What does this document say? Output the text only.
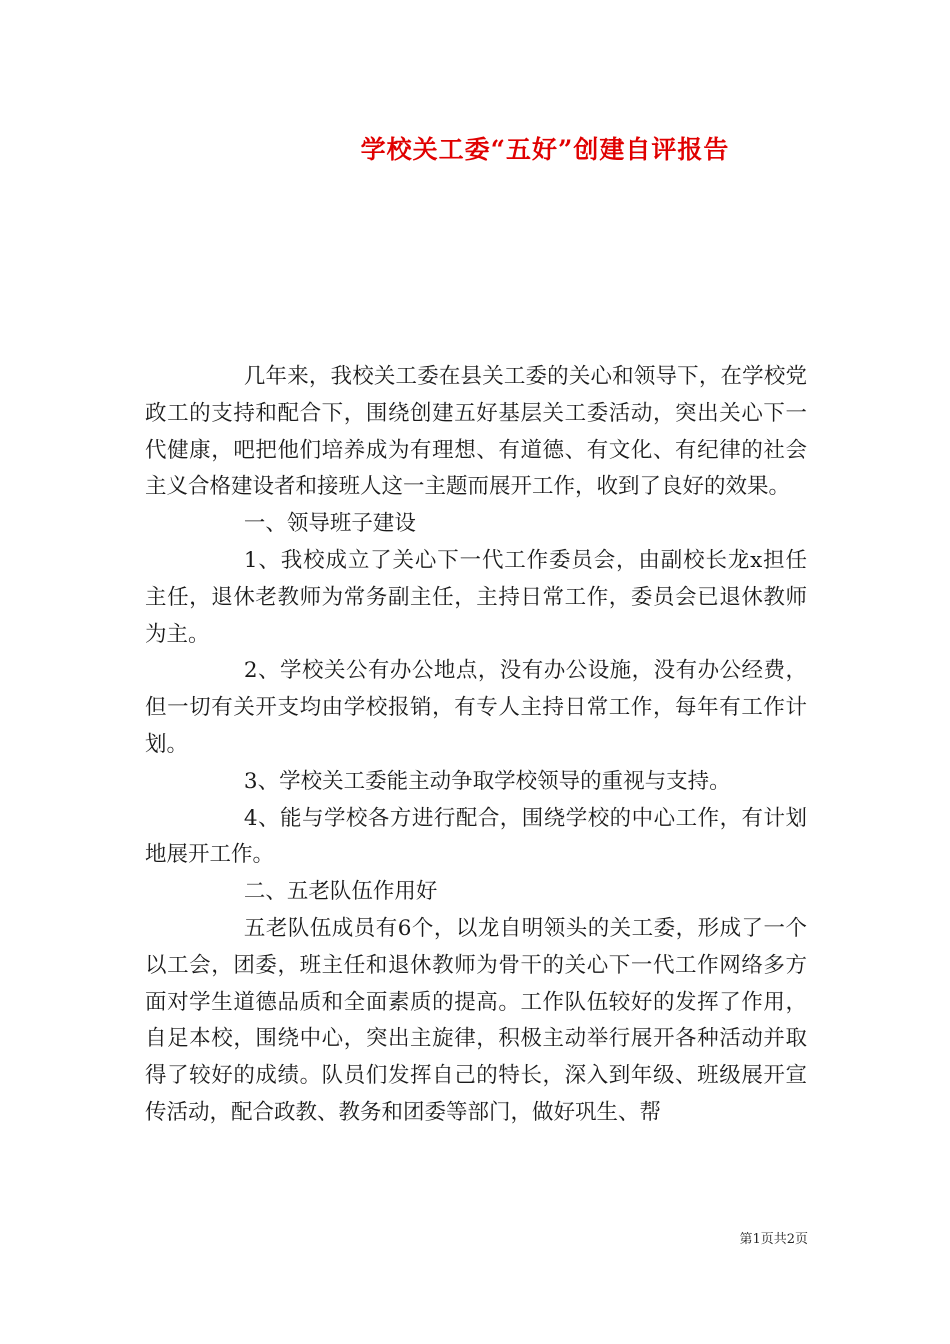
学校关工委“五好”创建自评报告

几年来，我校关工委在县关工委的关心和领导下，在学校党政工的支持和配合下，围绕创建五好基层关工委活动，突出关心下一代健康，吧把他们培养成为有理想、有道德、有文化、有纪律的社会主义合格建设者和接班人这一主题而展开工作，收到了良好的效果。

一、领导班子建设

1、我校成立了关心下一代工作委员会，由副校长龙x担任主任，退休老教师为常务副主任，主持日常工作，委员会已退休教师为主。

2、学校关公有办公地点，没有办公设施，没有办公经费，但一切有关开支均由学校报销，有专人主持日常工作，每年有工作计划。

3、学校关工委能主动争取学校领导的重视与支持。

4、能与学校各方进行配合，围绕学校的中心工作，有计划地展开工作。

二、五老队伍作用好

五老队伍成员有6个，以龙自明领头的关工委，形成了一个以工会，团委，班主任和退休教师为骨干的关心下一代工作网络多方面对学生道德品质和全面素质的提高。工作队伍较好的发挥了作用，自足本校，围绕中心，突出主旋律，积极主动举行展开各种活动并取得了较好的成绩。队员们发挥自己的特长，深入到年级、班级展开宣传活动，配合政教、教务和团委等部门，做好巩生、帮

第1页共2页
